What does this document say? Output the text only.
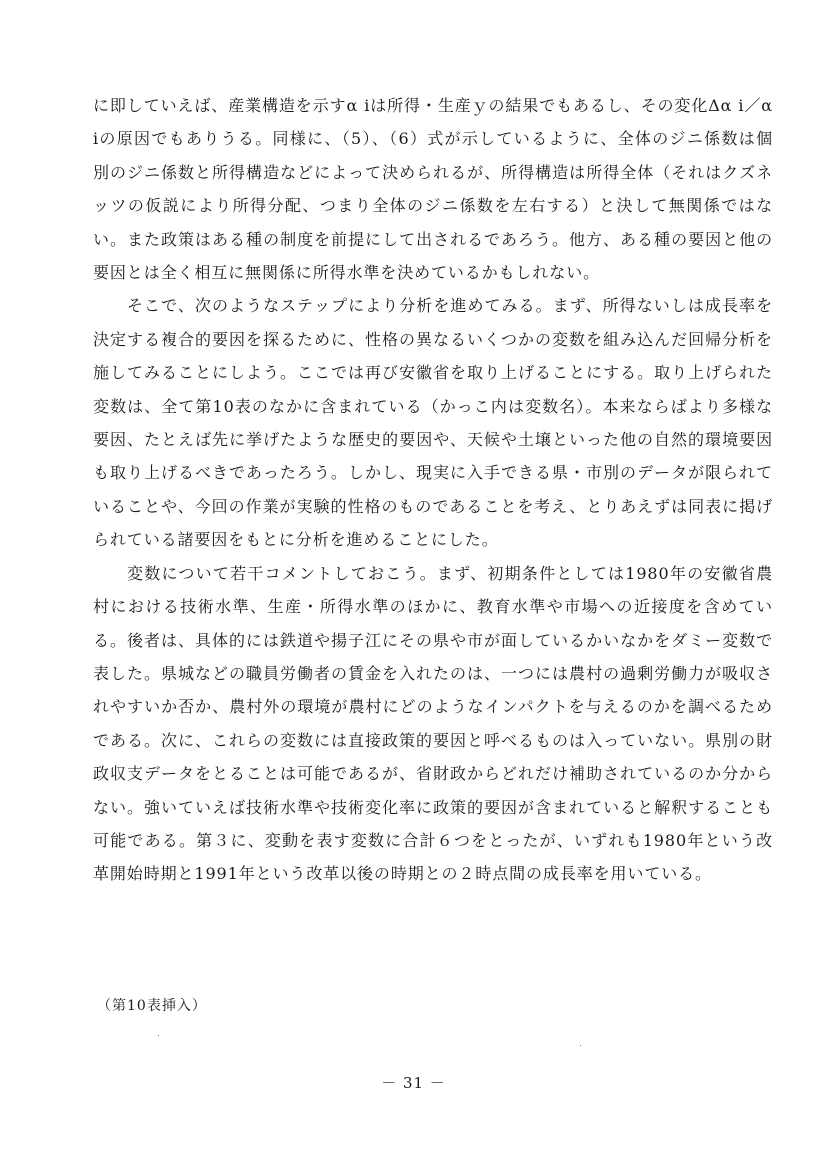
に即していえば、産業構造を示すα iは所得・生産ｙの結果でもあるし、その変化Δα i／α iの原因でもありうる。同様に、（5）、（6）式が示しているように、全体のジニ係数は個別のジニ係数と所得構造などによって決められるが、所得構造は所得全体（それはクズネッツの仮説により所得分配、つまり全体のジニ係数を左右する）と決して無関係ではない。また政策はある種の制度を前提にして出されるであろう。他方、ある種の要因と他の要因とは全く相互に無関係に所得水準を決めているかもしれない。

そこで、次のようなステップにより分析を進めてみる。まず、所得ないしは成長率を決定する複合的要因を探るために、性格の異なるいくつかの変数を組み込んだ回帰分析を施してみることにしよう。ここでは再び安徽省を取り上げることにする。取り上げられた変数は、全て第10表のなかに含まれている（かっこ内は変数名）。本来ならばより多様な要因、たとえば先に挙げたような歴史的要因や、天候や土壌といった他の自然的環境要因も取り上げるべきであったろう。しかし、現実に入手できる県・市別のデータが限られていることや、今回の作業が実験的性格のものであることを考え、とりあえずは同表に掲げられている諸要因をもとに分析を進めることにした。

変数について若干コメントしておこう。まず、初期条件としては1980年の安徽省農村における技術水準、生産・所得水準のほかに、教育水準や市場への近接度を含めている。後者は、具体的には鉄道や揚子江にその県や市が面しているかいなかをダミー変数で表した。県城などの職員労働者の賃金を入れたのは、一つには農村の過剰労働力が吸収されやすいか否か、農村外の環境が農村にどのようなインパクトを与えるのかを調べるためである。次に、これらの変数には直接政策的要因と呼べるものは入っていない。県別の財政収支データをとることは可能であるが、省財政からどれだけ補助されているのか分からない。強いていえば技術水準や技術変化率に政策的要因が含まれていると解釈することも可能である。第３に、変動を表す変数に合計６つをとったが、いずれも1980年という改革開始時期と1991年という改革以後の時期との２時点間の成長率を用いている。

（第10表挿入）

－ 31 －
